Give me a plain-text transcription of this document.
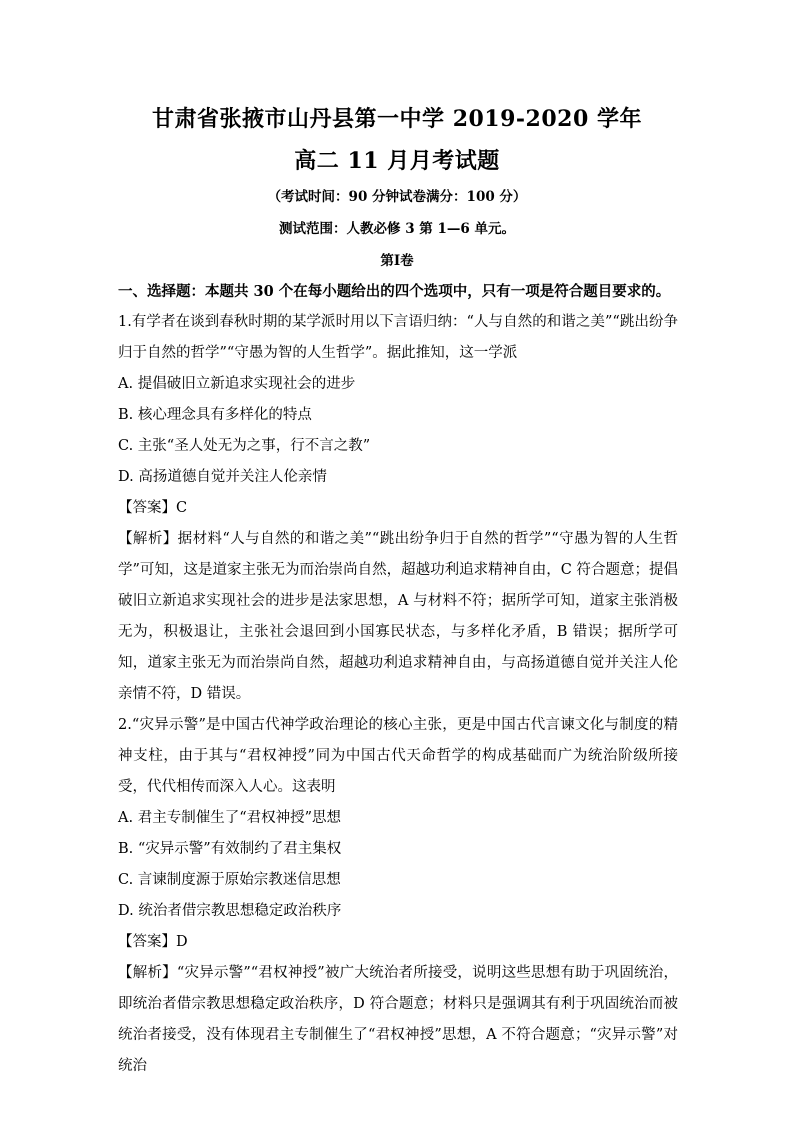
甘肃省张掖市山丹县第一中学 2019-2020 学年
高二 11 月月考试题
（考试时间：90 分钟试卷满分：100 分）
测试范围：人教必修 3 第 1—6 单元。
第Ⅰ卷

一、选择题：本题共 30 个在每小题给出的四个选项中，只有一项是符合题目要求的。

1.有学者在谈到春秋时期的某学派时用以下言语归纳：“人与自然的和谐之美”“跳出纷争归于自然的哲学”“守愚为智的人生哲学”。据此推知，这一学派

A. 提倡破旧立新追求实现社会的进步

B. 核心理念具有多样化的特点

C. 主张“圣人处无为之事，行不言之教”

D. 高扬道德自觉并关注人伦亲情

【答案】C

【解析】据材料“人与自然的和谐之美”“跳出纷争归于自然的哲学”“守愚为智的人生哲学”可知，这是道家主张无为而治崇尚自然，超越功利追求精神自由，C 符合题意；提倡破旧立新追求实现社会的进步是法家思想，A 与材料不符；据所学可知，道家主张消极无为，积极退让，主张社会退回到小国寡民状态，与多样化矛盾，B 错误；据所学可知，道家主张无为而治崇尚自然，超越功利追求精神自由，与高扬道德自觉并关注人伦亲情不符，D 错误。

2.“灾异示警”是中国古代神学政治理论的核心主张，更是中国古代言谏文化与制度的精神支柱，由于其与“君权神授”同为中国古代天命哲学的构成基础而广为统治阶级所接受，代代相传而深入人心。这表明

A. 君主专制催生了“君权神授”思想

B. “灾异示警”有效制约了君主集权

C. 言谏制度源于原始宗教迷信思想

D. 统治者借宗教思想稳定政治秩序

【答案】D

【解析】“灾异示警”“君权神授”被广大统治者所接受，说明这些思想有助于巩固统治，即统治者借宗教思想稳定政治秩序，D 符合题意；材料只是强调其有利于巩固统治而被统治者接受，没有体现君主专制催生了“君权神授”思想，A 不符合题意；“灾异示警”对统治
